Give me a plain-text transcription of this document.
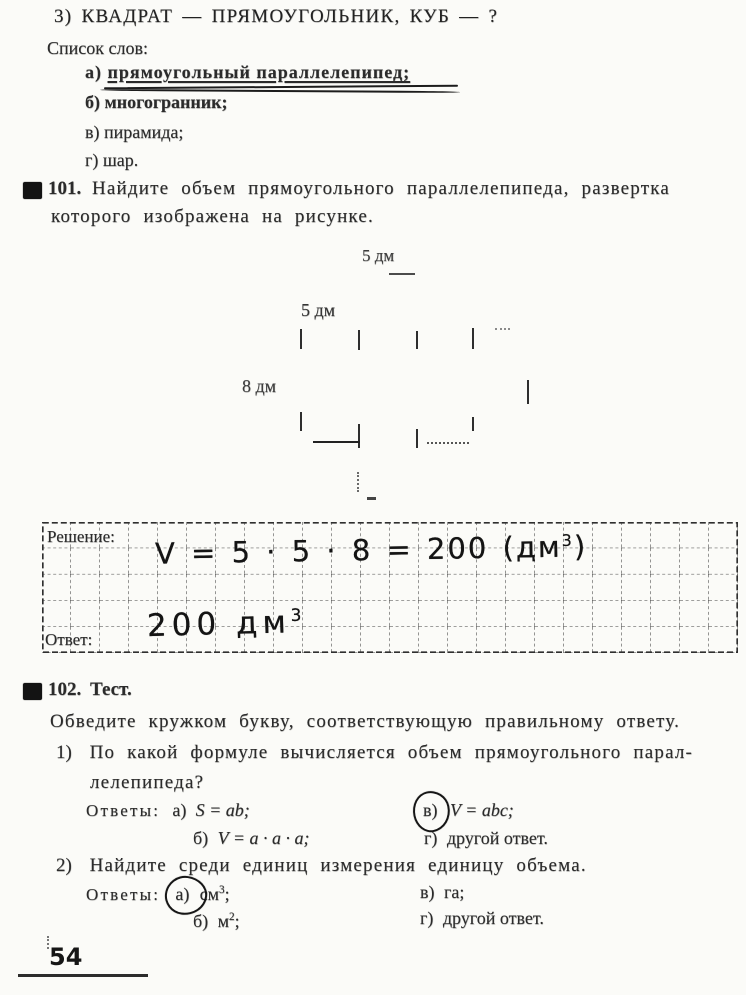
3) КВАДРАТ — ПРЯМОУГОЛЬНИК, КУБ — ?
Список слов:
а) прямоугольный параллелепипед;
б) многогранник;
в) пирамида;
г) шар.
101. Найдите объем прямоугольного параллелепипеда, развертка
которого изображена на рисунке.
5 дм
5 дм
8 дм
Решение:
Ответ:
V = 5 · 5 · 8 = 200 $(дм^3)$
200 $дм^3$
102. Тест.
Обведите кружком букву, соответствующую правильному ответу.
1) По какой формуле вычисляется объем прямоугольного парал-
лелепипеда?
Ответы: а) S = ab;	в) V = abc;
б) V = a · a · a;	г) другой ответ.
2) Найдите среди единиц измерения единицу объема.
Ответы: а) $см^3$;	в) га;
б) $м^2$;	г) другой ответ.
54
